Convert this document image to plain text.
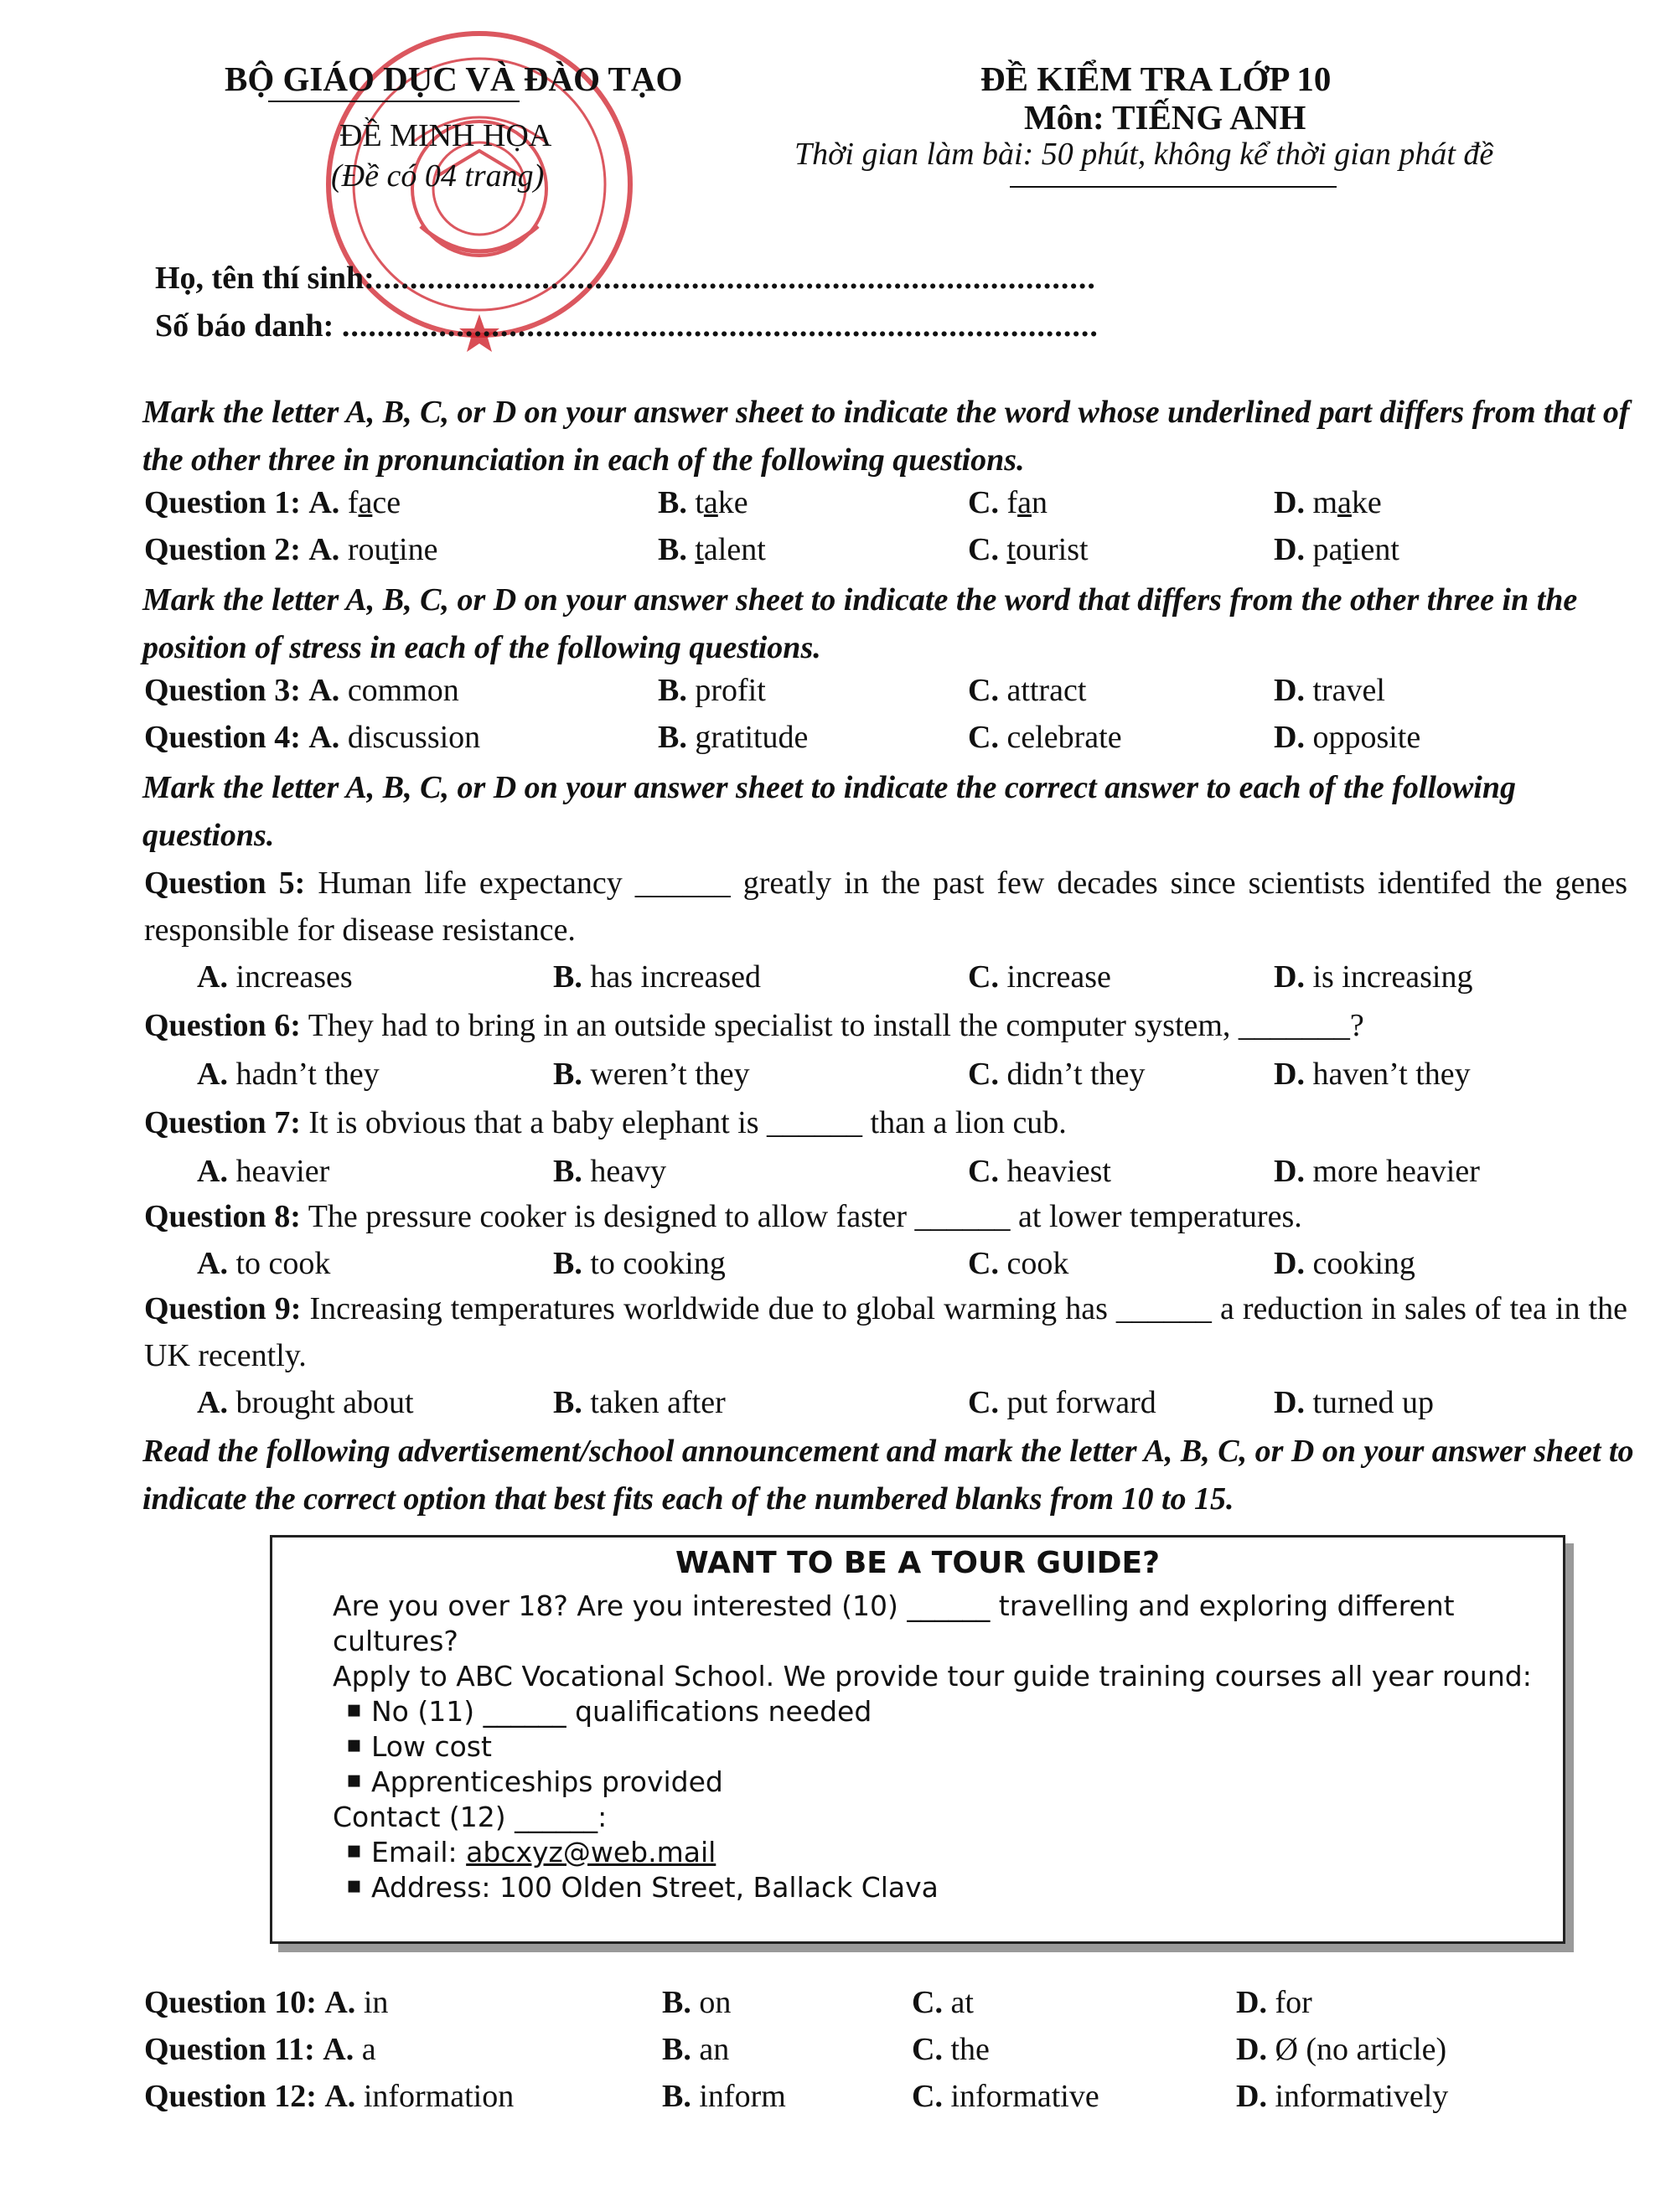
BỘ GIÁO DỤC VÀ ĐÀO TẠO
ĐỀ MINH HỌA
(Đề có 04 trang)
ĐỀ KIỂM TRA LỚP 10
Môn: TIẾNG ANH
Thời gian làm bài: 50 phút, không kể thời gian phát đề
Họ, tên thí sinh:..................................................................................
Số báo danh: ......................................................................................
Mark the letter A, B, C, or D on your answer sheet to indicate the word whose underlined part differs from that of the other three in pronunciation in each of the following questions.
Question 1: A. face	B. take	C. fan	D. make
Question 2: A. routine	B. talent	C. tourist	D. patient
Mark the letter A, B, C, or D on your answer sheet to indicate the word that differs from the other three in the position of stress in each of the following questions.
Question 3: A. common	B. profit	C. attract	D. travel
Question 4: A. discussion	B. gratitude	C. celebrate	D. opposite
Mark the letter A, B, C, or D on your answer sheet to indicate the correct answer to each of the following questions.
Question 5: Human life expectancy ______ greatly in the past few decades since scientists identifed the genes responsible for disease resistance.
A. increases	B. has increased	C. increase	D. is increasing
Question 6: They had to bring in an outside specialist to install the computer system, _______?
A. hadn’t they	B. weren’t they	C. didn’t they	D. haven’t they
Question 7: It is obvious that a baby elephant is ______ than a lion cub.
A. heavier	B. heavy	C. heaviest	D. more heavier
Question 8: The pressure cooker is designed to allow faster ______ at lower temperatures.
A. to cook	B. to cooking	C. cook	D. cooking
Question 9: Increasing temperatures worldwide due to global warming has ______ a reduction in sales of tea in the UK recently.
A. brought about	B. taken after	C. put forward	D. turned up
Read the following advertisement/school announcement and mark the letter A, B, C, or D on your answer sheet to indicate the correct option that best fits each of the numbered blanks from 10 to 15.
WANT TO BE A TOUR GUIDE?
Are you over 18? Are you interested (10) ______ travelling and exploring different
cultures?
Apply to ABC Vocational School. We provide tour guide training courses all year round:
▪ No (11) ______ qualifications needed
▪ Low cost
▪ Apprenticeships provided
Contact (12) ______:
▪ Email: abcxyz@web.mail
▪ Address: 100 Olden Street, Ballack Clava
Question 10: A. in	B. on	C. at	D. for
Question 11: A. a	B. an	C. the	D. Ø (no article)
Question 12: A. information	B. inform	C. informative	D. informatively
